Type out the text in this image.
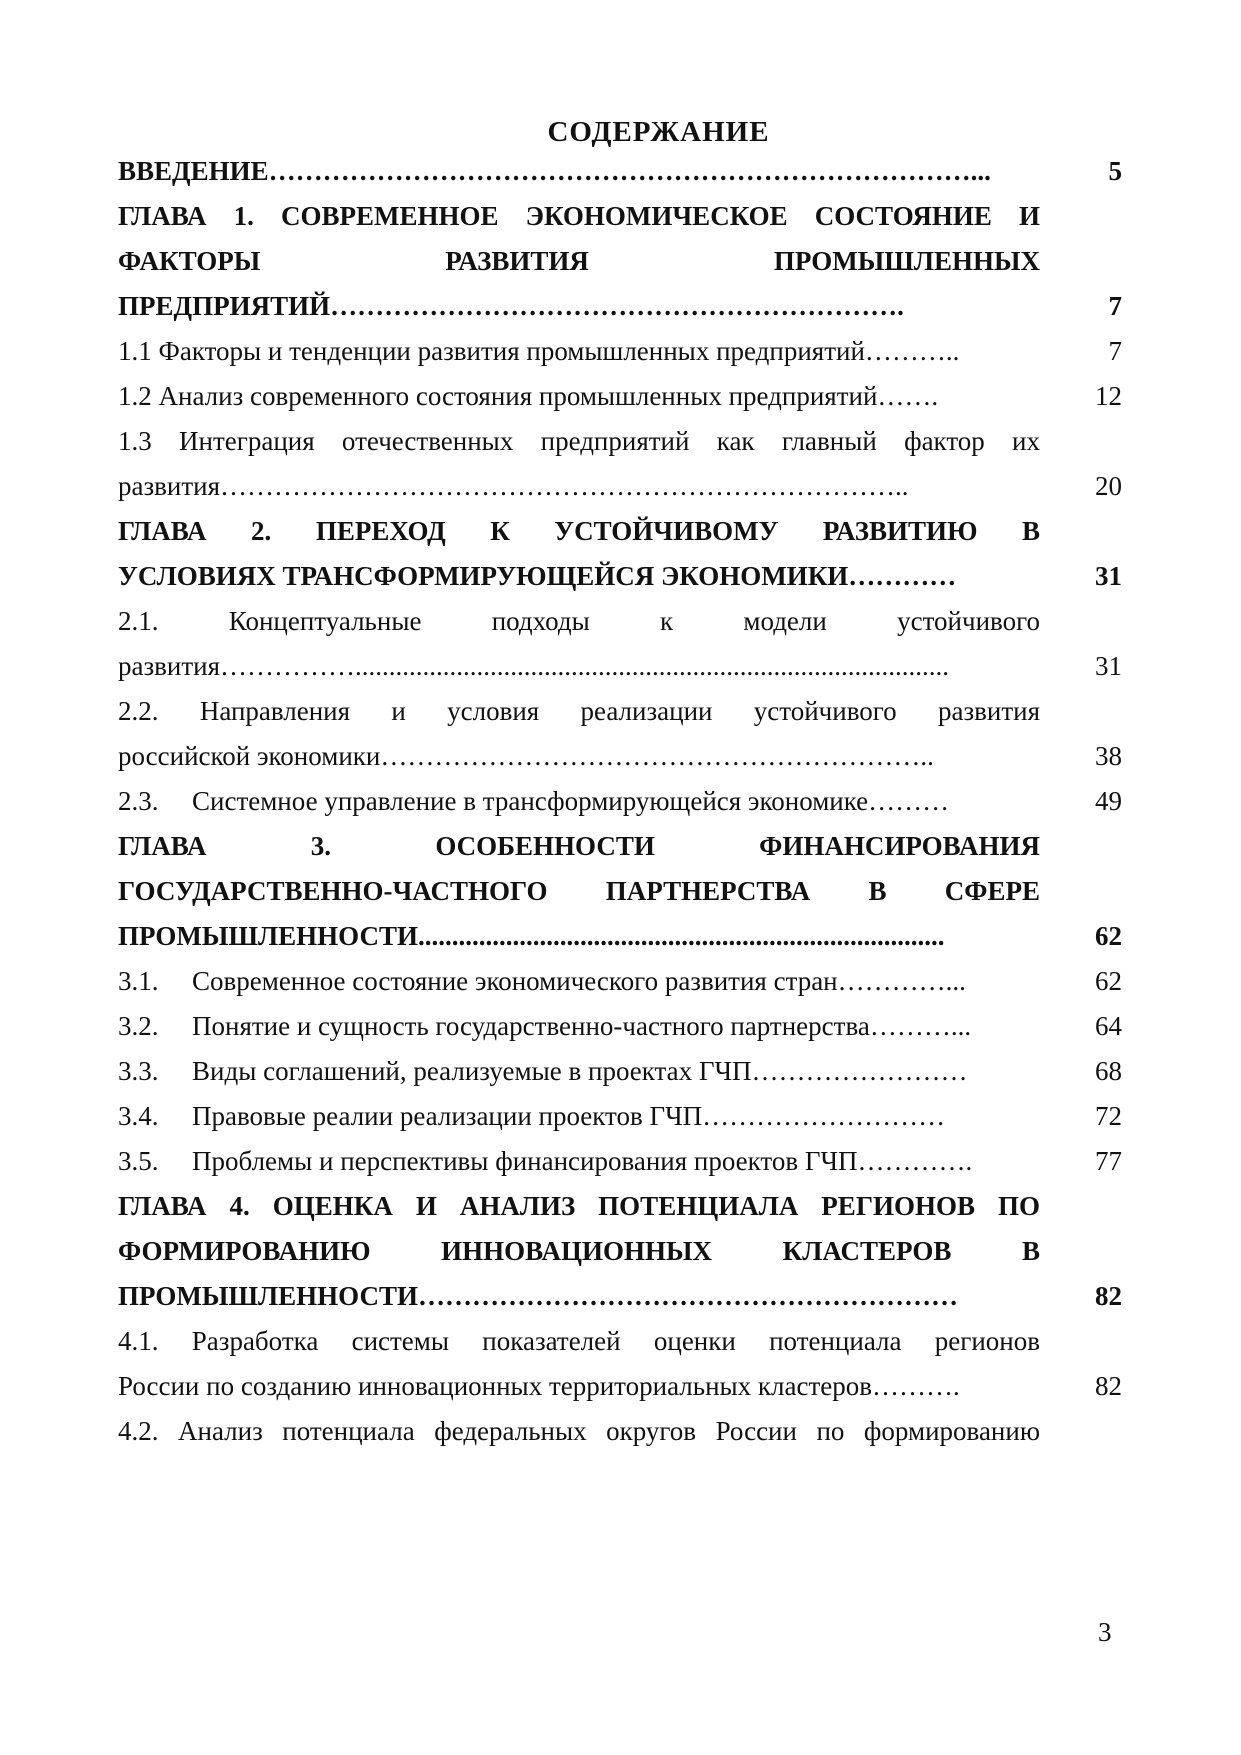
СОДЕРЖАНИЕ
ВВЕДЕНИЕ……………………………………………………………………...	5
ГЛАВА 1. СОВРЕМЕННОЕ ЭКОНОМИЧЕСКОЕ СОСТОЯНИЕ И
ФАКТОРЫ РАЗВИТИЯ ПРОМЫШЛЕННЫХ
ПРЕДПРИЯТИЙ……………………………………………………….	7
1.1 Факторы и тенденции развития промышленных предприятий………..	7
1.2 Анализ современного состояния промышленных предприятий…….	12
1.3 Интеграция отечественных предприятий как главный фактор их
развития…………………………………………………………………..	20
ГЛАВА 2. ПЕРЕХОД К УСТОЙЧИВОМУ РАЗВИТИЮ В
УСЛОВИЯХ ТРАНСФОРМИРУЮЩЕЙСЯ ЭКОНОМИКИ…………	31
2.1. Концептуальные подходы к модели устойчивого
развития……………........................................................................................	31
2.2. Направления и условия реализации устойчивого развития
российской экономики……………………………………………………..	38
2.3. Системное управление в трансформирующейся экономике………	49
ГЛАВА 3. ОСОБЕННОСТИ ФИНАНСИРОВАНИЯ
ГОСУДАРСТВЕННО-ЧАСТНОГО ПАРТНЕРСТВА В СФЕРЕ
ПРОМЫШЛЕННОСТИ..............................................................................	62
3.1. Современное состояние экономического развития стран…………...	62
3.2. Понятие и сущность государственно-частного партнерства………...	64
3.3. Виды соглашений, реализуемые в проектах ГЧП……………………	68
3.4. Правовые реалии реализации проектов ГЧП………………………	72
3.5. Проблемы и перспективы финансирования проектов ГЧП………….	77
ГЛАВА 4. ОЦЕНКА И АНАЛИЗ ПОТЕНЦИАЛА РЕГИОНОВ ПО
ФОРМИРОВАНИЮ ИННОВАЦИОННЫХ КЛАСТЕРОВ В
ПРОМЫШЛЕННОСТИ……………………………………………………	82
4.1. Разработка системы показателей оценки потенциала регионов
России по созданию инновационных территориальных кластеров……….	82
4.2. Анализ потенциала федеральных округов России по формированию
3
